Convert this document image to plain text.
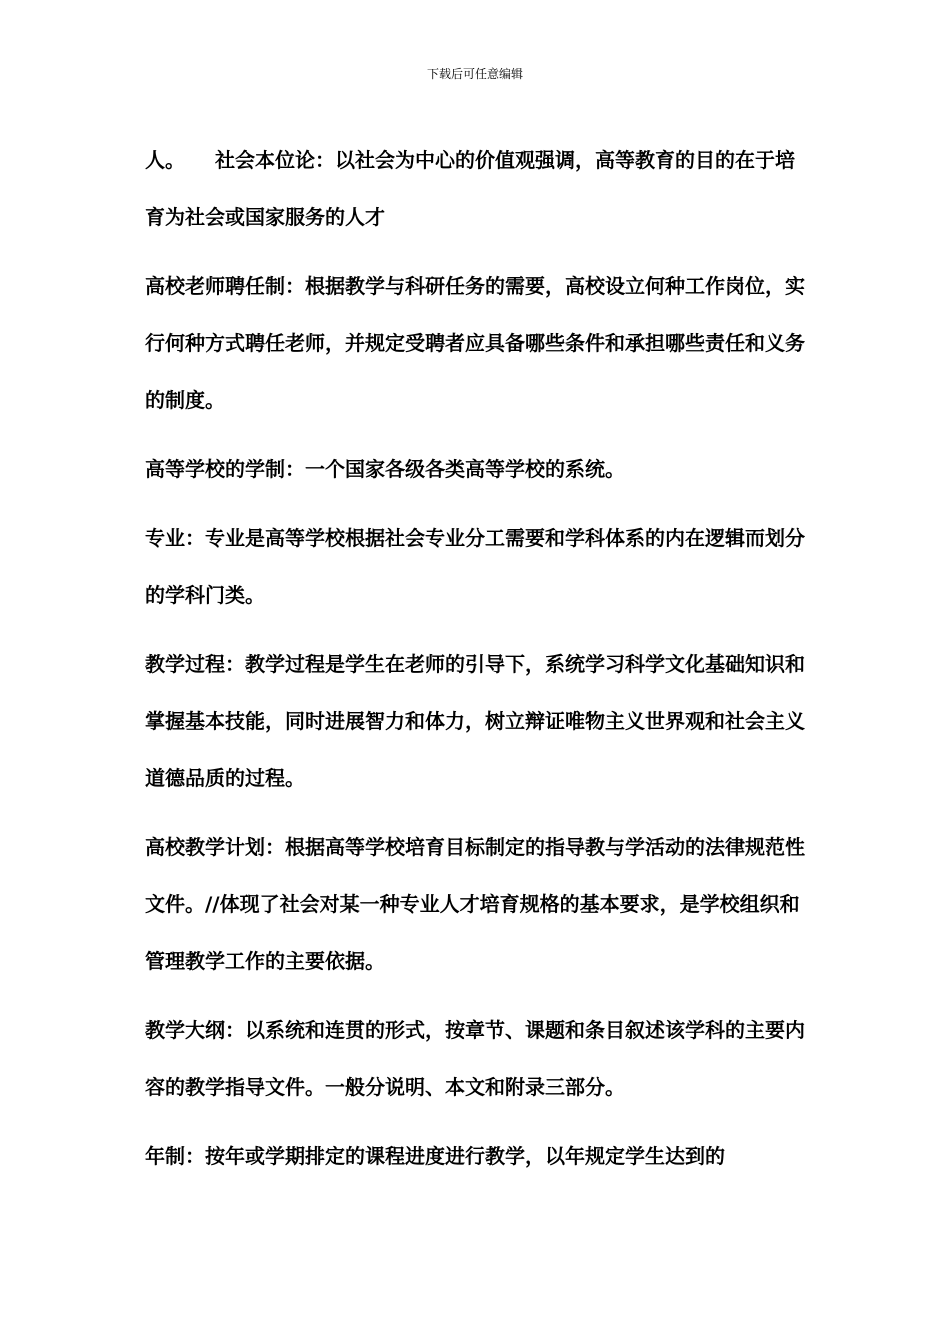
下载后可任意编辑

人。　　社会本位论：以社会为中心的价值观强调，高等教育的目的在于培育为社会或国家服务的人才

高校老师聘任制：根据教学与科研任务的需要，高校设立何种工作岗位，实行何种方式聘任老师，并规定受聘者应具备哪些条件和承担哪些责任和义务的制度。

高等学校的学制：一个国家各级各类高等学校的系统。

专业：专业是高等学校根据社会专业分工需要和学科体系的内在逻辑而划分的学科门类。

教学过程：教学过程是学生在老师的引导下，系统学习科学文化基础知识和掌握基本技能，同时进展智力和体力，树立辩证唯物主义世界观和社会主义道德品质的过程。

高校教学计划：根据高等学校培育目标制定的指导教与学活动的法律规范性文件。//体现了社会对某一种专业人才培育规格的基本要求，是学校组织和管理教学工作的主要依据。

教学大纲：以系统和连贯的形式，按章节、课题和条目叙述该学科的主要内容的教学指导文件。一般分说明、本文和附录三部分。

年制：按年或学期排定的课程进度进行教学，以年规定学生达到的
